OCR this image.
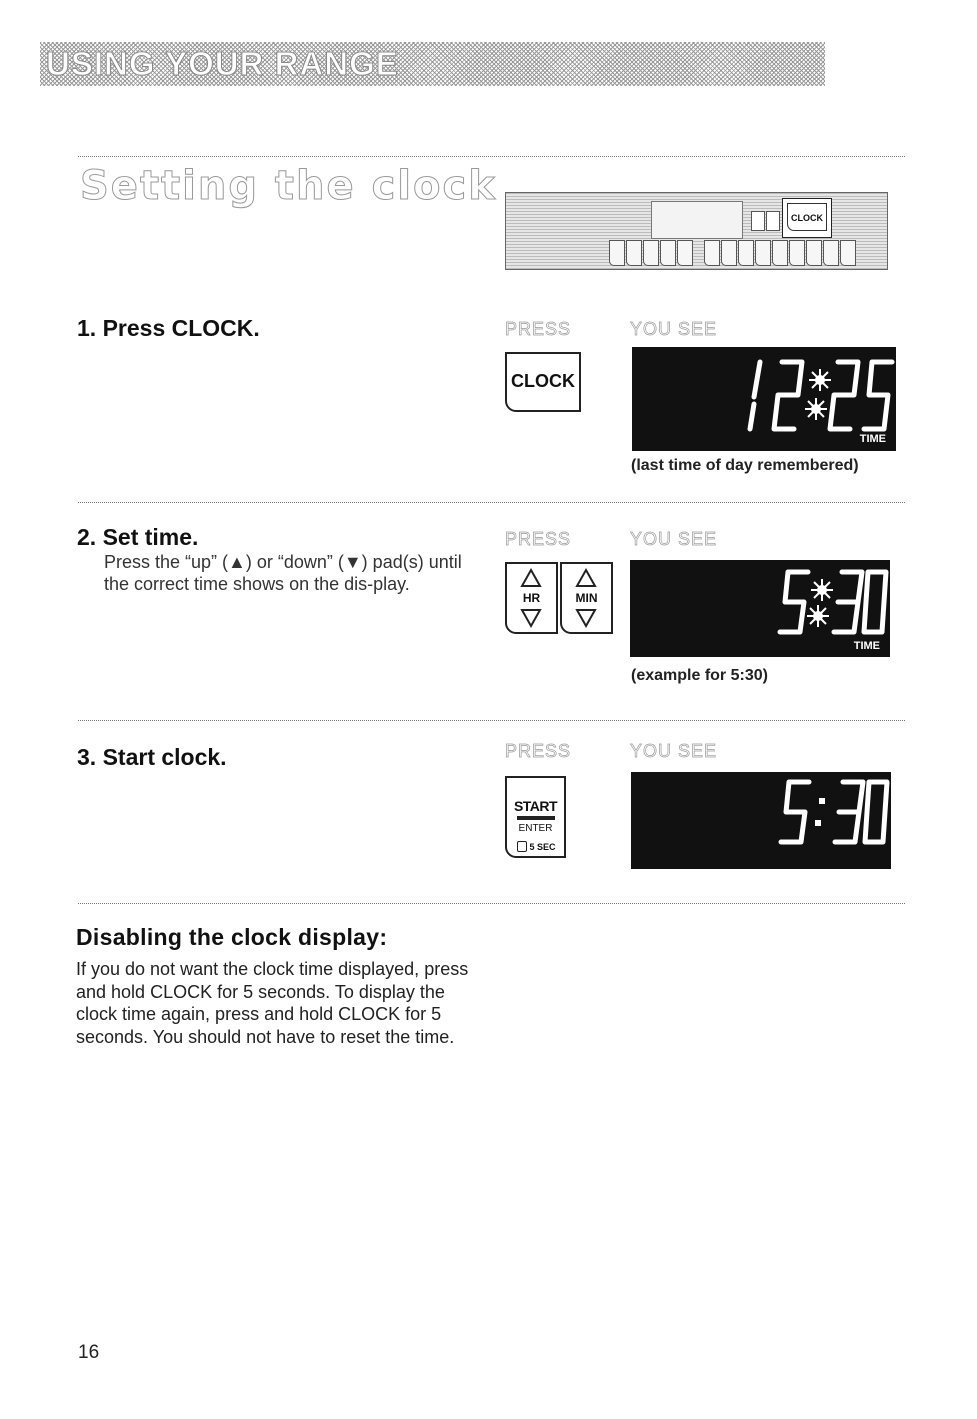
USING YOUR RANGE
Setting the clock
CLOCK
1. Press CLOCK.	PRESS	YOU SEE
CLOCK
TIME
(last time of day remembered)
2. Set time.
Press the “up” (▲) or “down” (▼) pad(s) until the correct time shows on the dis-play.
PRESS	YOU SEE
HR	MIN
TIME
(example for 5:30)
3. Start clock.	PRESS	YOU SEE
START
ENTER
5 SEC
Disabling the clock display:
If you do not want the clock time displayed, press and hold CLOCK for 5 seconds. To display the clock time again, press and hold CLOCK for 5 seconds. You should not have to reset the time.
16
